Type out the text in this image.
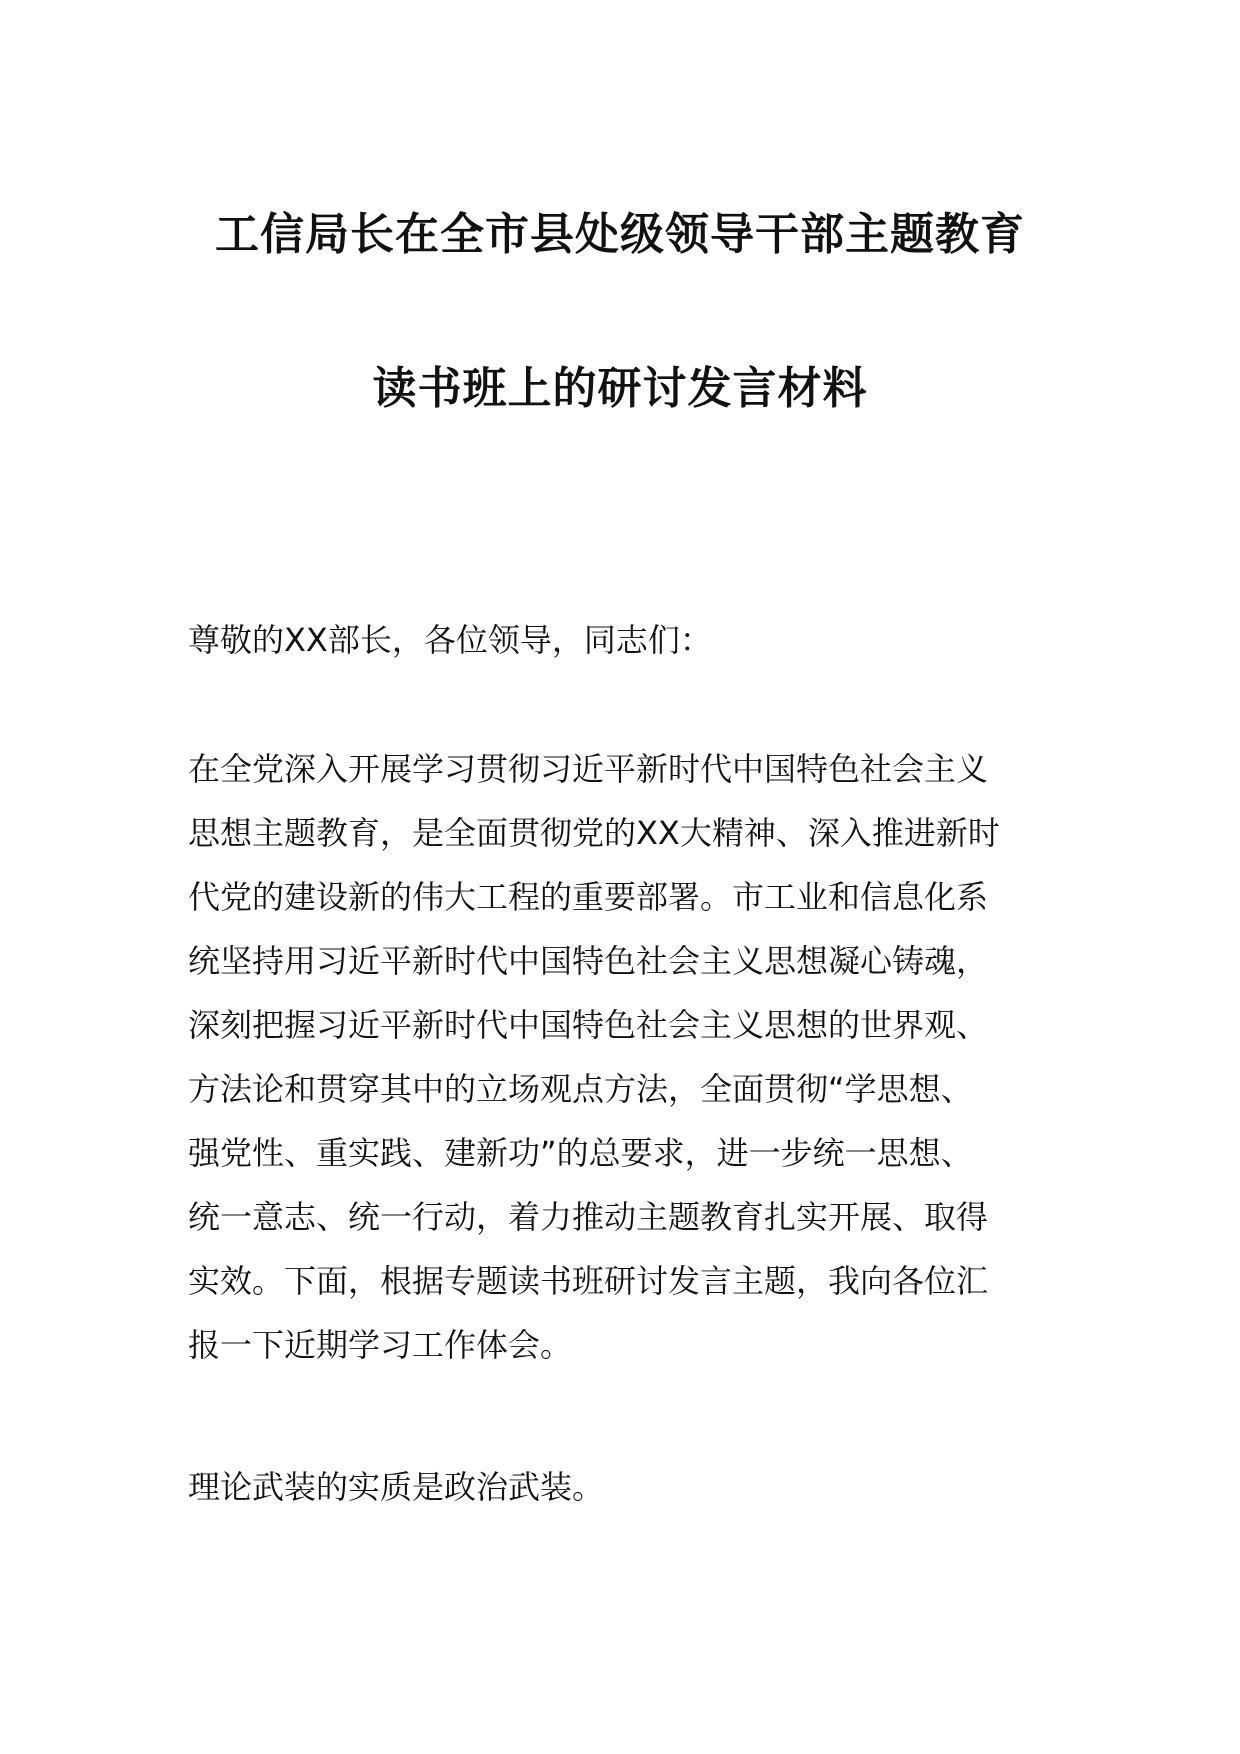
工信局长在全市县处级领导干部主题教育
读书班上的研讨发言材料
尊敬的XX部长，各位领导，同志们：
在全党深入开展学习贯彻习近平新时代中国特色社会主义
思想主题教育，是全面贯彻党的XX大精神、深入推进新时
代党的建设新的伟大工程的重要部署。市工业和信息化系
统坚持用习近平新时代中国特色社会主义思想凝心铸魂，
深刻把握习近平新时代中国特色社会主义思想的世界观、
方法论和贯穿其中的立场观点方法，全面贯彻“学思想、
强党性、重实践、建新功”的总要求，进一步统一思想、
统一意志、统一行动，着力推动主题教育扎实开展、取得
实效。下面，根据专题读书班研讨发言主题，我向各位汇
报一下近期学习工作体会。
理论武装的实质是政治武装。
